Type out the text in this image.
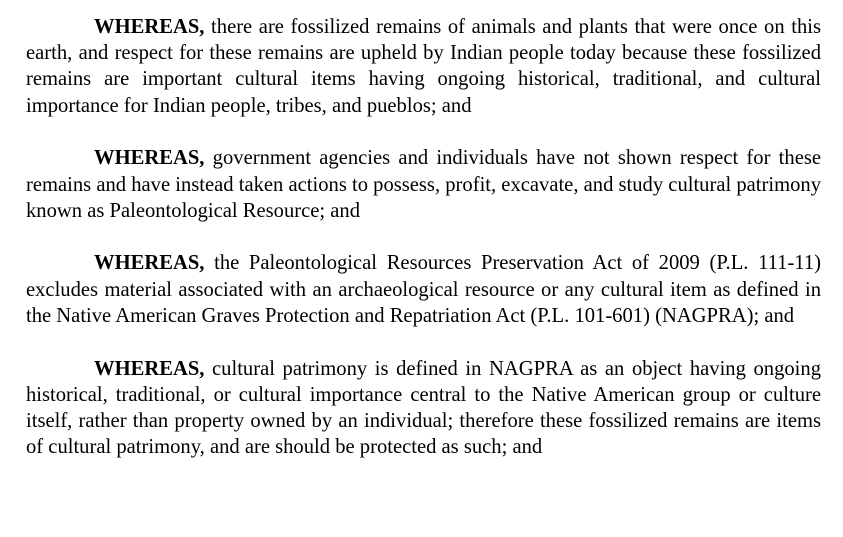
WHEREAS, there are fossilized remains of animals and plants that were once on this earth, and respect for these remains are upheld by Indian people today because these fossilized remains are important cultural items having ongoing historical, traditional, and cultural importance for Indian people, tribes, and pueblos; and

WHEREAS, government agencies and individuals have not shown respect for these remains and have instead taken actions to possess, profit, excavate, and study cultural patrimony known as Paleontological Resource; and

WHEREAS, the Paleontological Resources Preservation Act of 2009 (P.L. 111-11) excludes material associated with an archaeological resource or any cultural item as defined in the Native American Graves Protection and Repatriation Act (P.L. 101-601) (NAGPRA); and

WHEREAS, cultural patrimony is defined in NAGPRA as an object having ongoing historical, traditional, or cultural importance central to the Native American group or culture itself, rather than property owned by an individual; therefore these fossilized remains are items of cultural patrimony, and are should be protected as such; and
